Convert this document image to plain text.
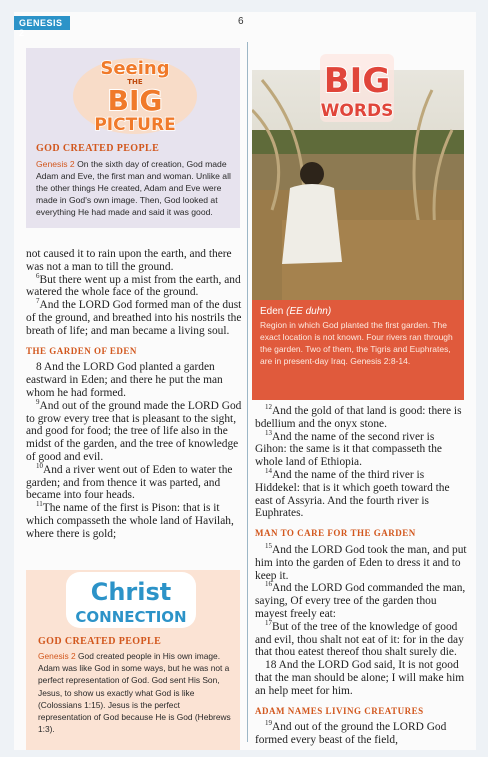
GENESIS 2
6
Seeing
THE
BIG
PICTURE
GOD CREATED PEOPLE
Genesis 2 On the sixth day of creation, God made Adam and Eve, the first man and woman. Unlike all the other things He created, Adam and Eve were made in God's own image. Then, God looked at everything He had made and said it was good.

not caused it to rain upon the earth, and there was not a man to till the ground.

$^6$But there went up a mist from the earth, and watered the whole face of the ground.

$^7$And the LORD God formed man of the dust of the ground, and breathed into his nostrils the breath of life; and man became a living soul.

THE GARDEN OF EDEN

8 And the LORD God planted a garden eastward in Eden; and there he put the man whom he had formed.

$^9$And out of the ground made the LORD God to grow every tree that is pleasant to the sight, and good for food; the tree of life also in the midst of the garden, and the tree of knowledge of good and evil.

$^{10}$And a river went out of Eden to water the garden; and from thence it was parted, and became into four heads.

$^{11}$The name of the first is Pison: that is it which compasseth the whole land of Havilah, where there is gold;

Christ
CONNECTION
GOD CREATED PEOPLE
Genesis 2 God created people in His own image. Adam was like God in some ways, but he was not a perfect representation of God. God sent His Son, Jesus, to show us exactly what God is like (Colossians 1:15). Jesus is the perfect representation of God because He is God (Hebrews 1:3).
BIG
WORDS
Eden (EE duhn)
Region in which God planted the first garden. The exact location is not known. Four rivers ran through the garden. Two of them, the Tigris and Euphrates, are in present-day Iraq. Genesis 2:8-14.

$^{12}$And the gold of that land is good: there is bdellium and the onyx stone.

$^{13}$And the name of the second river is Gihon: the same is it that compasseth the whole land of Ethiopia.

$^{14}$And the name of the third river is Hiddekel: that is it which goeth toward the east of Assyria. And the fourth river is Euphrates.

MAN TO CARE FOR THE GARDEN

$^{15}$And the LORD God took the man, and put him into the garden of Eden to dress it and to keep it.

$^{16}$And the LORD God commanded the man, saying, Of every tree of the garden thou mayest freely eat:

$^{17}$But of the tree of the knowledge of good and evil, thou shalt not eat of it: for in the day that thou eatest thereof thou shalt surely die.

18 And the LORD God said, It is not good that the man should be alone; I will make him an help meet for him.

ADAM NAMES LIVING CREATURES

$^{19}$And out of the ground the LORD God formed every beast of the field,
